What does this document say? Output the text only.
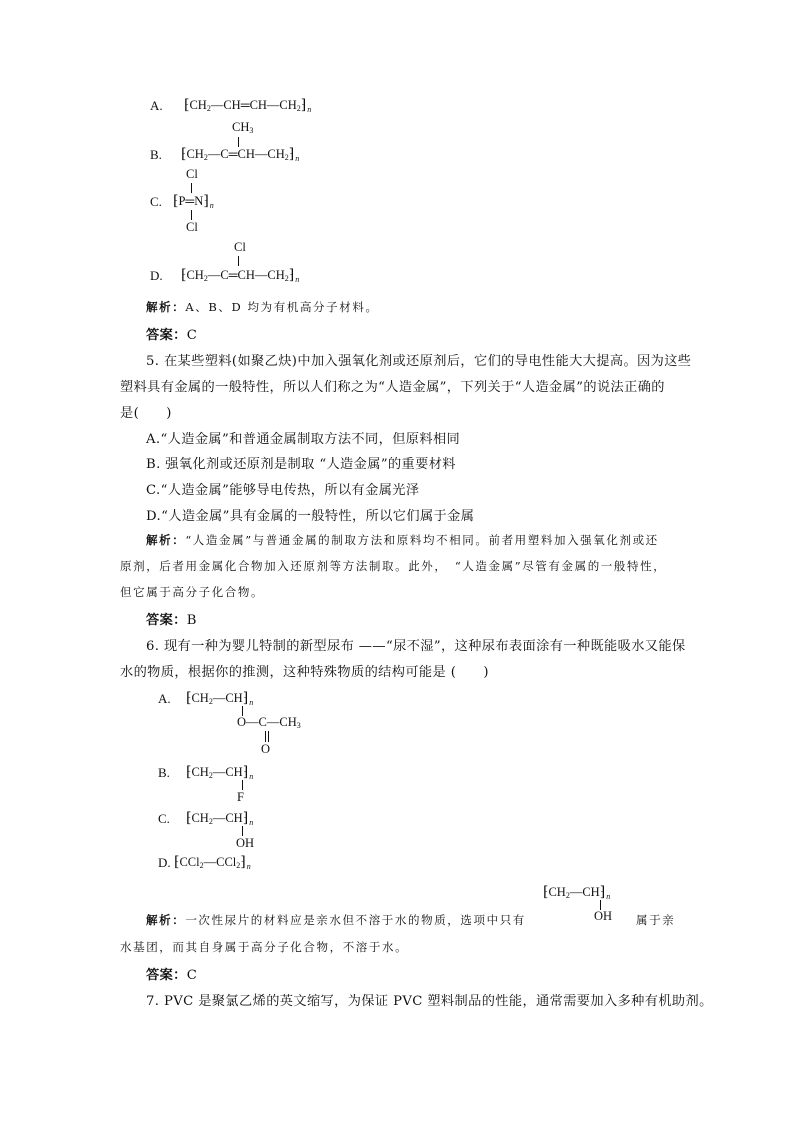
A. $⁅CH_2—CH═CH—CH_2⁆_n$
$CH_3$
B. $⁅CH_2—C═CH—CH_2⁆_n$
Cl
C. $⁅P═N⁆_n$
Cl
Cl
D. $⁅CH_2—C═CH—CH_2⁆_n$
解析：A、B、D 均为有机高分子材料。
答案：C
5. 在某些塑料(如聚乙炔)中加入强氧化剂或还原剂后，它们的导电性能大大提高。因为这些
塑料具有金属的一般特性，所以人们称之为“人造金属”，下列关于“人造金属”的说法正确的
是(　　)
A.“人造金属”和普通金属制取方法不同，但原料相同
B. 强氧化剂或还原剂是制取 “人造金属”的重要材料
C.“人造金属”能够导电传热，所以有金属光泽
D.“人造金属”具有金属的一般特性，所以它们属于金属
解析：“人造金属”与普通金属的制取方法和原料均不相同。前者用塑料加入强氧化剂或还
原剂，后者用金属化合物加入还原剂等方法制取。此外，　“人造金属”尽管有金属的一般特性，
但它属于高分子化合物。
答案：B
6. 现有一种为婴儿特制的新型尿布 ——“尿不湿”，这种尿布表面涂有一种既能吸水又能保
水的物质，根据你的推测，这种特殊物质的结构可能是 (　　)
A. $⁅CH_2—CH⁆_n$
$O—C—CH_3$
O
B. $⁅CH_2—CH⁆_n$
F
C. $⁅CH_2—CH⁆_n$
OH
D. $⁅CCl_2—CCl_2⁆_n$
$⁅CH_2—CH⁆_n$
OH
解析：一次性尿片的材料应是亲水但不溶于水的物质，选项中只有	属于亲
水基团，而其自身属于高分子化合物，不溶于水。
答案：C
7. PVC 是聚氯乙烯的英文缩写，为保证 PVC 塑料制品的性能，通常需要加入多种有机助剂。
